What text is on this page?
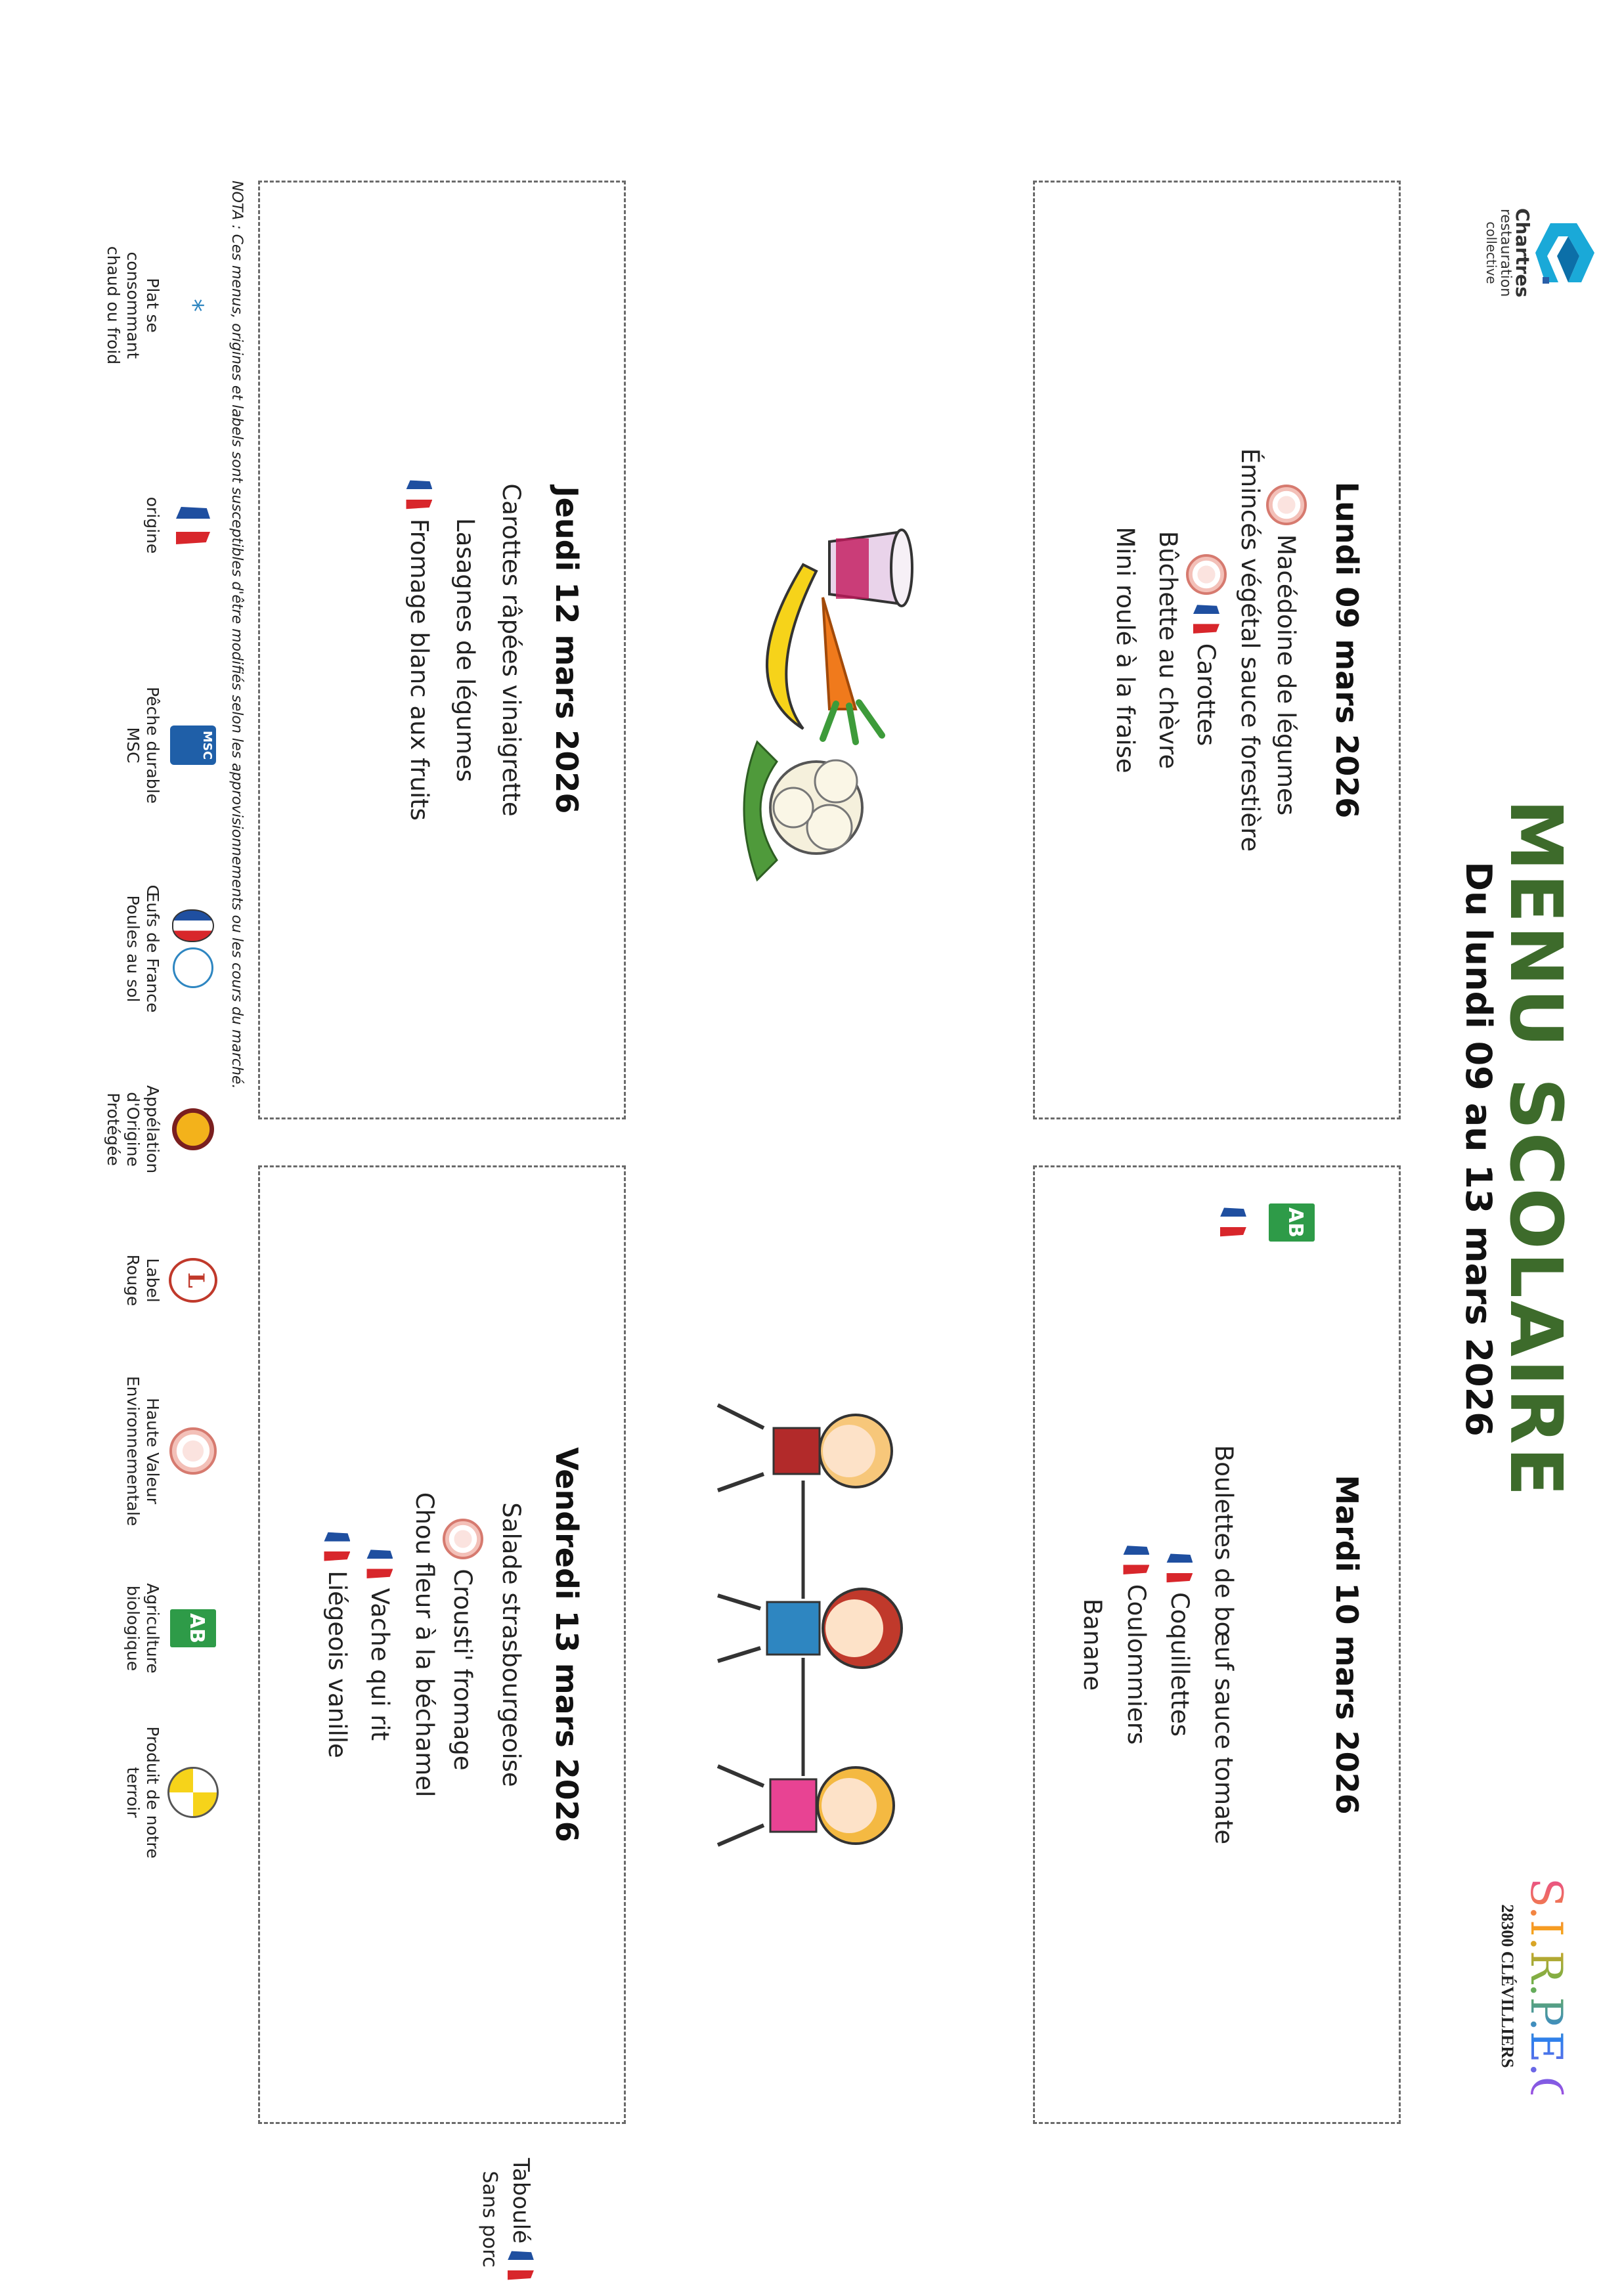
Chartres
restauration
collective
MENU SCOLAIRE
Du lundi 09 au 13 mars 2026
S.I.R.P.E.C.
28300 CLÉVILLIERS
Lundi 09 mars 2026
Macédoine de légumes
Émincés végétal sauce forestière
Carottes
Bûchette au chèvre
Mini roulé à la fraise
Mardi 10 mars 2026
AB
Boulettes de bœuf sauce tomate
Coquillettes
Coulommiers
Banane
Jeudi 12 mars 2026
Carottes râpées vinaigrette
Lasagnes de légumes
Fromage blanc aux fruits
Vendredi 13 mars 2026
Salade strasbourgeoise
Crousti' fromage
Chou fleur à la béchamel
Vache qui rit
Liégeois vanille
Taboulé
Sans porc
NOTA : Ces menus, origines et labels sont susceptibles d'être modifiés selon les approvisionnements ou les cours du marché.
*
Plat se
consommant
chaud ou froid
origine
MSC
Pêche durable
MSC
Œufs de France
Poules au sol
Appélation
d'Origine
Protégée
L
Label
Rouge
Haute Valeur
Environnementale
AB
Agriculture
biologique
Produit de notre
terroir
